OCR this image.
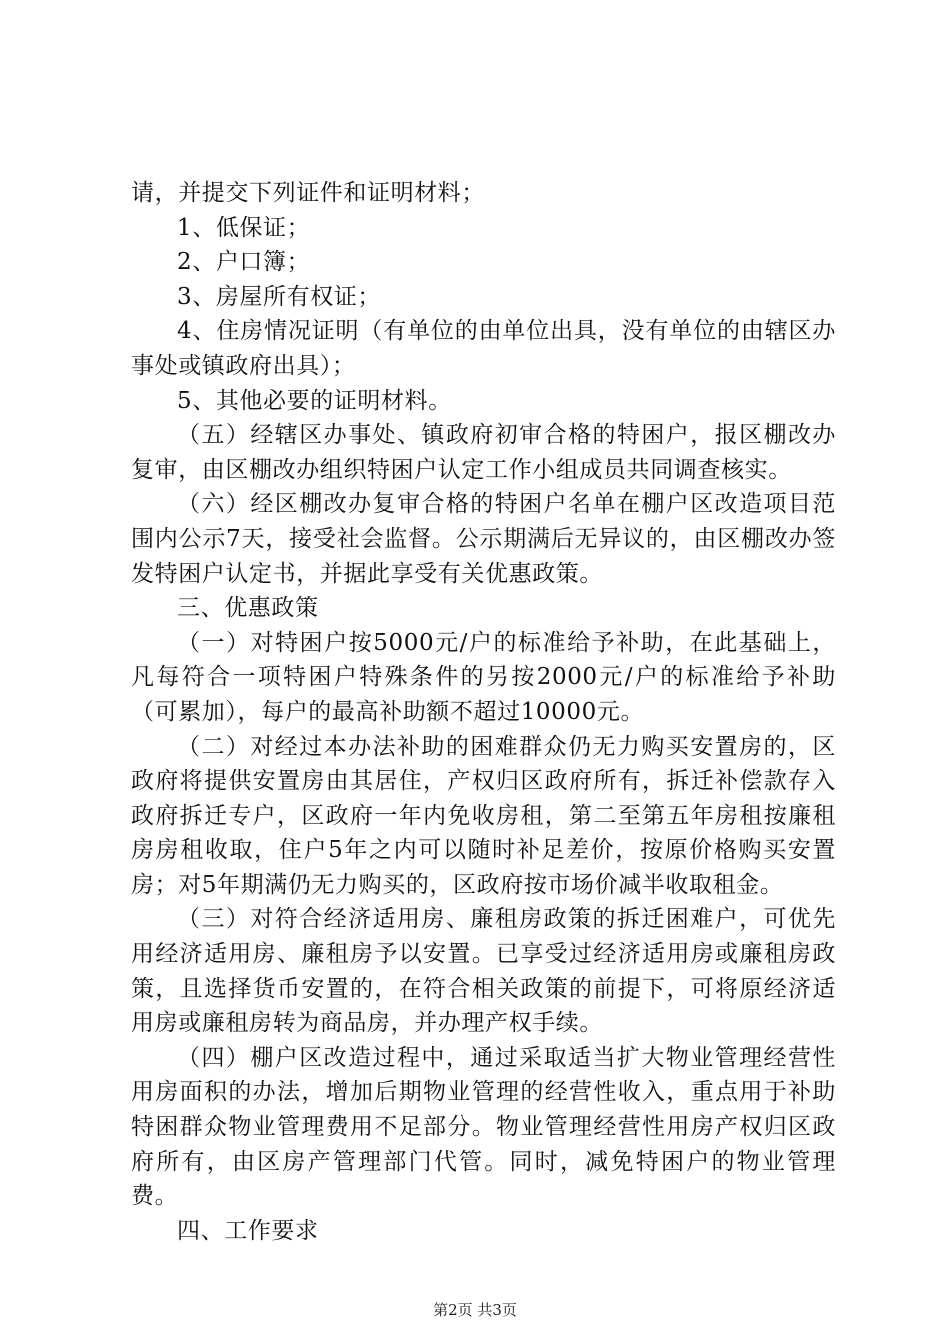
请，并提交下列证件和证明材料；

1、低保证；

2、户口簿；

3、房屋所有权证；

4、住房情况证明（有单位的由单位出具，没有单位的由辖区办事处或镇政府出具）；

5、其他必要的证明材料。

（五）经辖区办事处、镇政府初审合格的特困户，报区棚改办复审，由区棚改办组织特困户认定工作小组成员共同调查核实。

（六）经区棚改办复审合格的特困户名单在棚户区改造项目范围内公示7天，接受社会监督。公示期满后无异议的，由区棚改办签发特困户认定书，并据此享受有关优惠政策。

三、优惠政策

（一）对特困户按5000元/户的标准给予补助，在此基础上，凡每符合一项特困户特殊条件的另按2000元/户的标准给予补助（可累加），每户的最高补助额不超过10000元。

（二）对经过本办法补助的困难群众仍无力购买安置房的，区政府将提供安置房由其居住，产权归区政府所有，拆迁补偿款存入政府拆迁专户，区政府一年内免收房租，第二至第五年房租按廉租房房租收取，住户5年之内可以随时补足差价，按原价格购买安置房；对5年期满仍无力购买的，区政府按市场价减半收取租金。

（三）对符合经济适用房、廉租房政策的拆迁困难户，可优先用经济适用房、廉租房予以安置。已享受过经济适用房或廉租房政策，且选择货币安置的，在符合相关政策的前提下，可将原经济适用房或廉租房转为商品房，并办理产权手续。

（四）棚户区改造过程中，通过采取适当扩大物业管理经营性用房面积的办法，增加后期物业管理的经营性收入，重点用于补助特困群众物业管理费用不足部分。物业管理经营性用房产权归区政府所有，由区房产管理部门代管。同时，减免特困户的物业管理费。

四、工作要求

第2页 共3页
